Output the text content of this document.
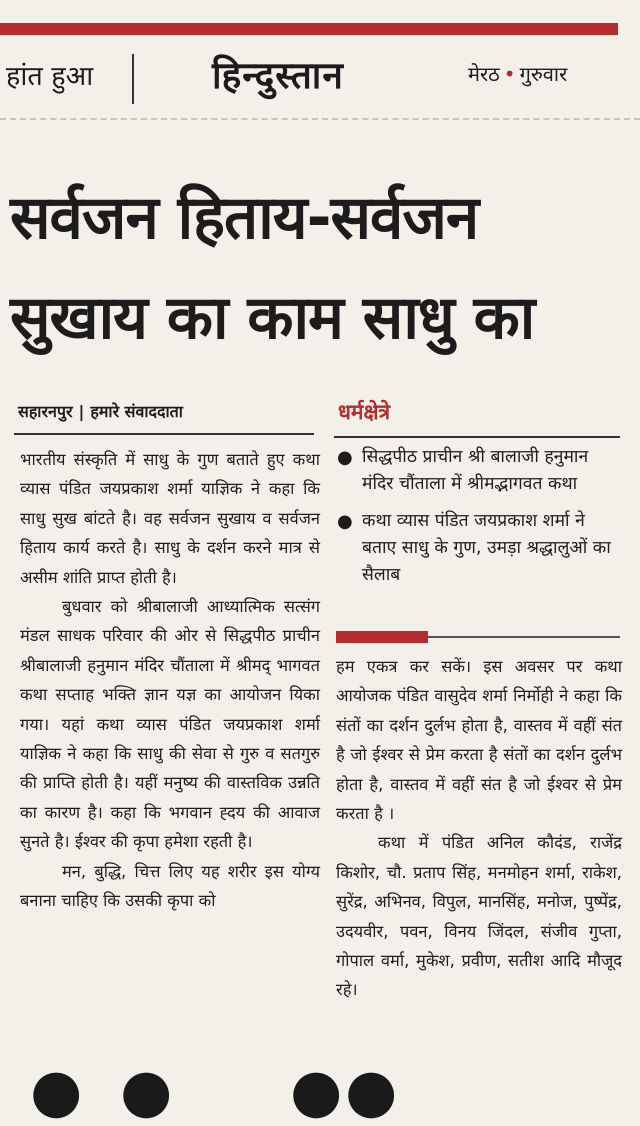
हांत हुआ	हिन्दुस्तान	मेरठ • गुरुवार
सर्वजन हिताय-सर्वजन
सुखाय का काम साधु का
सहारनपुर | हमारे संवाददाता

भारतीय संस्कृति में साधु के गुण बताते हुए कथा व्यास पंडित जयप्रकाश शर्मा याज्ञिक ने कहा कि साधु सुख बांटते है। वह सर्वजन सुखाय व सर्वजन हिताय कार्य करते है। साधु के दर्शन करने मात्र से असीम शांति प्राप्त होती है।

बुधवार को श्रीबालाजी आध्यात्मिक सत्संग मंडल साधक परिवार की ओर से सिद्धपीठ प्राचीन श्रीबालाजी हनुमान मंदिर चौंताला में श्रीमद् भागवत कथा सप्ताह भक्ति ज्ञान यज्ञ का आयोजन यिका गया। यहां कथा व्यास पंडित जयप्रकाश शर्मा याज्ञिक ने कहा कि साधु की सेवा से गुरु व सतगुरु की प्राप्ति होती है। यहीं मनुष्य की वास्तविक उन्नति का कारण है। कहा कि भगवान ह्दय की आवाज सुनते है। ईश्वर की कृपा हमेशा रहती है।

मन, बुद्धि, चित्त लिए यह शरीर इस योग्य बनाना चाहिए कि उसकी कृपा को

धर्मक्षेत्रे
● सिद्धपीठ प्राचीन श्री बालाजी हनुमान मंदिर चौंताला में श्रीमद्भागवत कथा
● कथा व्यास पंडित जयप्रकाश शर्मा ने बताए साधु के गुण, उमड़ा श्रद्धालुओं का सैलाब

हम एकत्र कर सकें। इस अवसर पर कथा आयोजक पंडित वासुदेव शर्मा निर्मोही ने कहा कि संतों का दर्शन दुर्लभ होता है, वास्तव में वहीं संत है जो ईश्वर से प्रेम करता है संतों का दर्शन दुर्लभ होता है, वास्तव में वहीं संत है जो ईश्वर से प्रेम करता है ।

कथा में पंडित अनिल कौदंड, राजेंद्र किशोर, चौ. प्रताप सिंह, मनमोहन शर्मा, राकेश, सुरेंद्र, अभिनव, विपुल, मानसिंह, मनोज, पुष्पेंद्र, उदयवीर, पवन, विनय जिंदल, संजीव गुप्ता, गोपाल वर्मा, मुकेश, प्रवीण, सतीश आदि मौजूद रहे।

● ● ● ●
